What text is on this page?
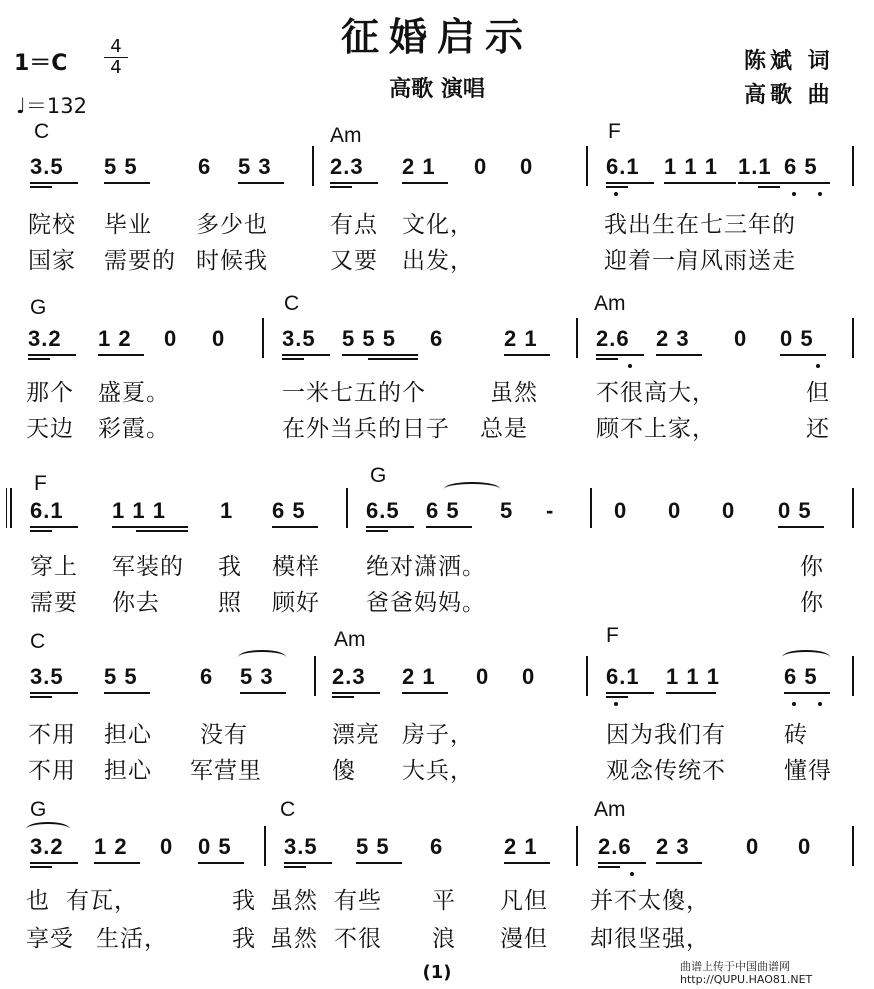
征婚启示
高歌 演唱
1＝C
4
4
♩＝132
陈斌 词
高歌 曲
C	Am	F
3.5 5 5	6 5 3	2.3 2 1 0 0	6.1 1 1 1 1.1 6 5
院校 毕业 多少也	有点 文化，	我出生在七三年的
国家 需要的 时候我	又要 出发，	迎着一肩风雨送走
G	C	Am
3.2 1 2 0 0	3.5 5 5 5 6	2 1	2.6 2 3 0 0 5
那个 盛夏。	一米七五的个	虽然	不很高大，	但
天边 彩霞。	在外当兵的日子 总是	顾不上家，	还
F	G
6.1 1 1 1 1 6 5	6.5 6 5 5 -	0 0 0 0 5
穿上 军装的 我 模样 绝对潇洒。	你
需要 你去	照 顾好 爸爸妈妈。	你
C	Am	F
3.5 5 5	6 5 3	2.3 2 1 0 0	6.1 1 1 1	6 5
不用 担心 没有	漂亮 房子，	因为我们有	砖
不用 担心 军营里	傻 大兵，	观念传统不	懂得
G	C	Am
3.2 1 2 0 0 5 3.5 5 5 6	2 1	2.6 2 3	0 0
也 有瓦，	我 虽然 有些 平 凡但 并不太傻，
享受 生活，	我 虽然 不很 浪 漫但 却很坚强，
(1)	曲谱上传于中国曲谱网
http://QUPU.HAO81.NET
